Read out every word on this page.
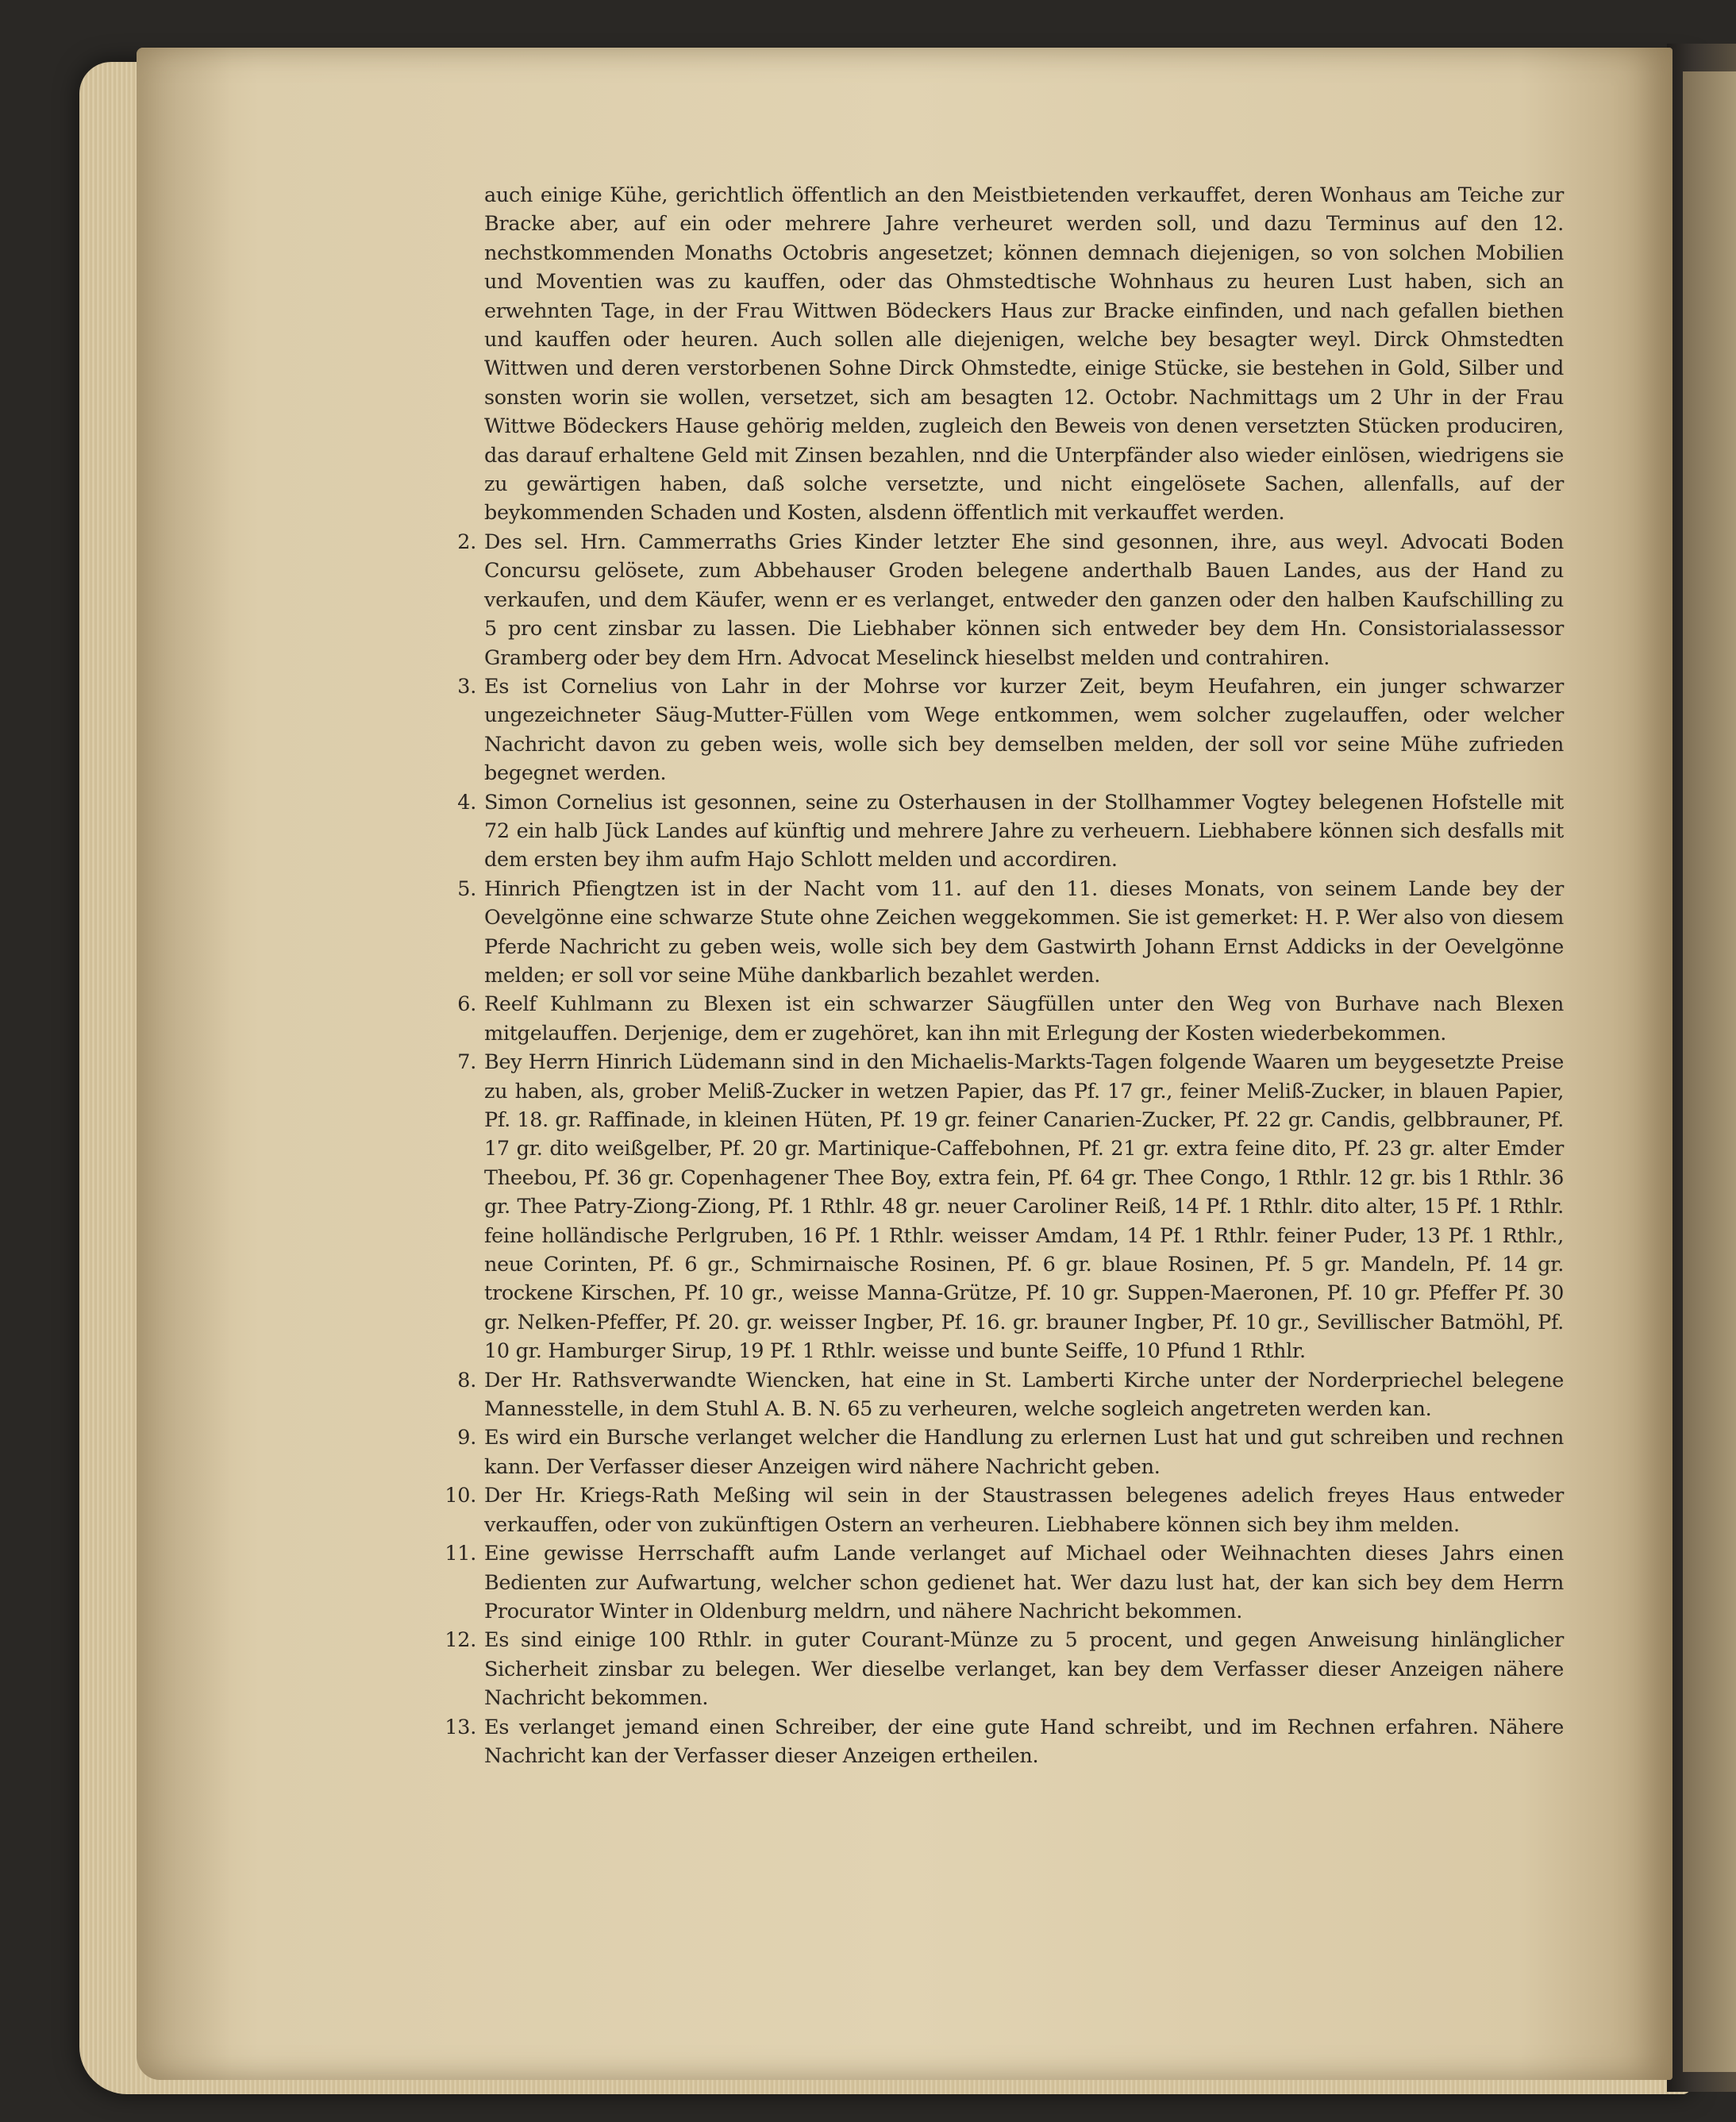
auch einige Kühe, gerichtlich öffentlich an den Meistbietenden verkauffet, deren Wonhaus am Teiche zur Bracke aber, auf ein oder mehrere Jahre verheuret werden soll, und dazu Terminus auf den 12. nechstkommenden Monaths Octobris angesetzet; können demnach diejenigen, so von solchen Mobilien und Moventien was zu kauffen, oder das Ohmstedtische Wohnhaus zu heuren Lust haben, sich an erwehnten Tage, in der Frau Wittwen Bödeckers Haus zur Bracke einfinden, und nach gefallen biethen und kauffen oder heuren. Auch sollen alle diejenigen, welche bey besagter weyl. Dirck Ohmstedten Wittwen und deren verstorbenen Sohne Dirck Ohmstedte, einige Stücke, sie bestehen in Gold, Silber und sonsten worin sie wollen, versetzet, sich am besagten 12. Octobr. Nachmittags um 2 Uhr in der Frau Wittwe Bödeckers Hause gehörig melden, zugleich den Beweis von denen versetzten Stücken produciren, das darauf erhaltene Geld mit Zinsen bezahlen, nnd die Unterpfänder also wieder einlösen, wiedrigens sie zu gewärtigen haben, daß solche versetzte, und nicht eingelösete Sachen, allenfalls, auf der beykommenden Schaden und Kosten, alsdenn öffentlich mit verkauffet werden.
2. Des sel. Hrn. Cammerraths Gries Kinder letzter Ehe sind gesonnen, ihre, aus weyl. Advocati Boden Concursu gelösete, zum Abbehauser Groden belegene anderthalb Bauen Landes, aus der Hand zu verkaufen, und dem Käufer, wenn er es verlanget, entweder den ganzen oder den halben Kaufschilling zu 5 pro cent zinsbar zu lassen. Die Liebhaber können sich entweder bey dem Hn. Consistorialassessor Gramberg oder bey dem Hrn. Advocat Meselinck hieselbst melden und contrahiren.
3. Es ist Cornelius von Lahr in der Mohrse vor kurzer Zeit, beym Heufahren, ein junger schwarzer ungezeichneter Säug-Mutter-Füllen vom Wege entkommen, wem solcher zugelauffen, oder welcher Nachricht davon zu geben weis, wolle sich bey demselben melden, der soll vor seine Mühe zufrieden begegnet werden.
4. Simon Cornelius ist gesonnen, seine zu Osterhausen in der Stollhammer Vogtey belegenen Hofstelle mit 72 ein halb Jück Landes auf künftig und mehrere Jahre zu verheuern. Liebhabere können sich desfalls mit dem ersten bey ihm aufm Hajo Schlott melden und accordiren.
5. Hinrich Pfiengtzen ist in der Nacht vom 11. auf den 11. dieses Monats, von seinem Lande bey der Oevelgönne eine schwarze Stute ohne Zeichen weggekommen. Sie ist gemerket: H. P. Wer also von diesem Pferde Nachricht zu geben weis, wolle sich bey dem Gastwirth Johann Ernst Addicks in der Oevelgönne melden; er soll vor seine Mühe dankbarlich bezahlet werden.
6. Reelf Kuhlmann zu Blexen ist ein schwarzer Säugfüllen unter den Weg von Burhave nach Blexen mitgelauffen. Derjenige, dem er zugehöret, kan ihn mit Erlegung der Kosten wiederbekommen.
7. Bey Herrn Hinrich Lüdemann sind in den Michaelis-Markts-Tagen folgende Waaren um beygesetzte Preise zu haben, als, grober Meliß-Zucker in wetzen Papier, das Pf. 17 gr., feiner Meliß-Zucker, in blauen Papier, Pf. 18. gr. Raffinade, in kleinen Hüten, Pf. 19 gr. feiner Canarien-Zucker, Pf. 22 gr. Candis, gelbbrauner, Pf. 17 gr. dito weißgelber, Pf. 20 gr. Martinique-Caffebohnen, Pf. 21 gr. extra feine dito, Pf. 23 gr. alter Emder Theebou, Pf. 36 gr. Copenhagener Thee Boy, extra fein, Pf. 64 gr. Thee Congo, 1 Rthlr. 12 gr. bis 1 Rthlr. 36 gr. Thee Patry-Ziong-Ziong, Pf. 1 Rthlr. 48 gr. neuer Caroliner Reiß, 14 Pf. 1 Rthlr. dito alter, 15 Pf. 1 Rthlr. feine holländische Perlgruben, 16 Pf. 1 Rthlr. weisser Amdam, 14 Pf. 1 Rthlr. feiner Puder, 13 Pf. 1 Rthlr., neue Corinten, Pf. 6 gr., Schmirnaische Rosinen, Pf. 6 gr. blaue Rosinen, Pf. 5 gr. Mandeln, Pf. 14 gr. trockene Kirschen, Pf. 10 gr., weisse Manna-Grütze, Pf. 10 gr. Suppen-Maeronen, Pf. 10 gr. Pfeffer Pf. 30 gr. Nelken-Pfeffer, Pf. 20. gr. weisser Ingber, Pf. 16. gr. brauner Ingber, Pf. 10 gr., Sevillischer Batmöhl, Pf. 10 gr. Hamburger Sirup, 19 Pf. 1 Rthlr. weisse und bunte Seiffe, 10 Pfund 1 Rthlr.
8. Der Hr. Rathsverwandte Wiencken, hat eine in St. Lamberti Kirche unter der Norderpriechel belegene Mannesstelle, in dem Stuhl A. B. N. 65 zu verheuren, welche sogleich angetreten werden kan.
9. Es wird ein Bursche verlanget welcher die Handlung zu erlernen Lust hat und gut schreiben und rechnen kann. Der Verfasser dieser Anzeigen wird nähere Nachricht geben.
10. Der Hr. Kriegs-Rath Meßing wil sein in der Staustrassen belegenes adelich freyes Haus entweder verkauffen, oder von zukünftigen Ostern an verheuren. Liebhabere können sich bey ihm melden.
11. Eine gewisse Herrschafft aufm Lande verlanget auf Michael oder Weihnachten dieses Jahrs einen Bedienten zur Aufwartung, welcher schon gedienet hat. Wer dazu lust hat, der kan sich bey dem Herrn Procurator Winter in Oldenburg meldrn, und nähere Nachricht bekommen.
12. Es sind einige 100 Rthlr. in guter Courant-Münze zu 5 procent, und gegen Anweisung hinlänglicher Sicherheit zinsbar zu belegen. Wer dieselbe verlanget, kan bey dem Verfasser dieser Anzeigen nähere Nachricht bekommen.
13. Es verlanget jemand einen Schreiber, der eine gute Hand schreibt, und im Rechnen erfahren. Nähere Nachricht kan der Verfasser dieser Anzeigen ertheilen.
